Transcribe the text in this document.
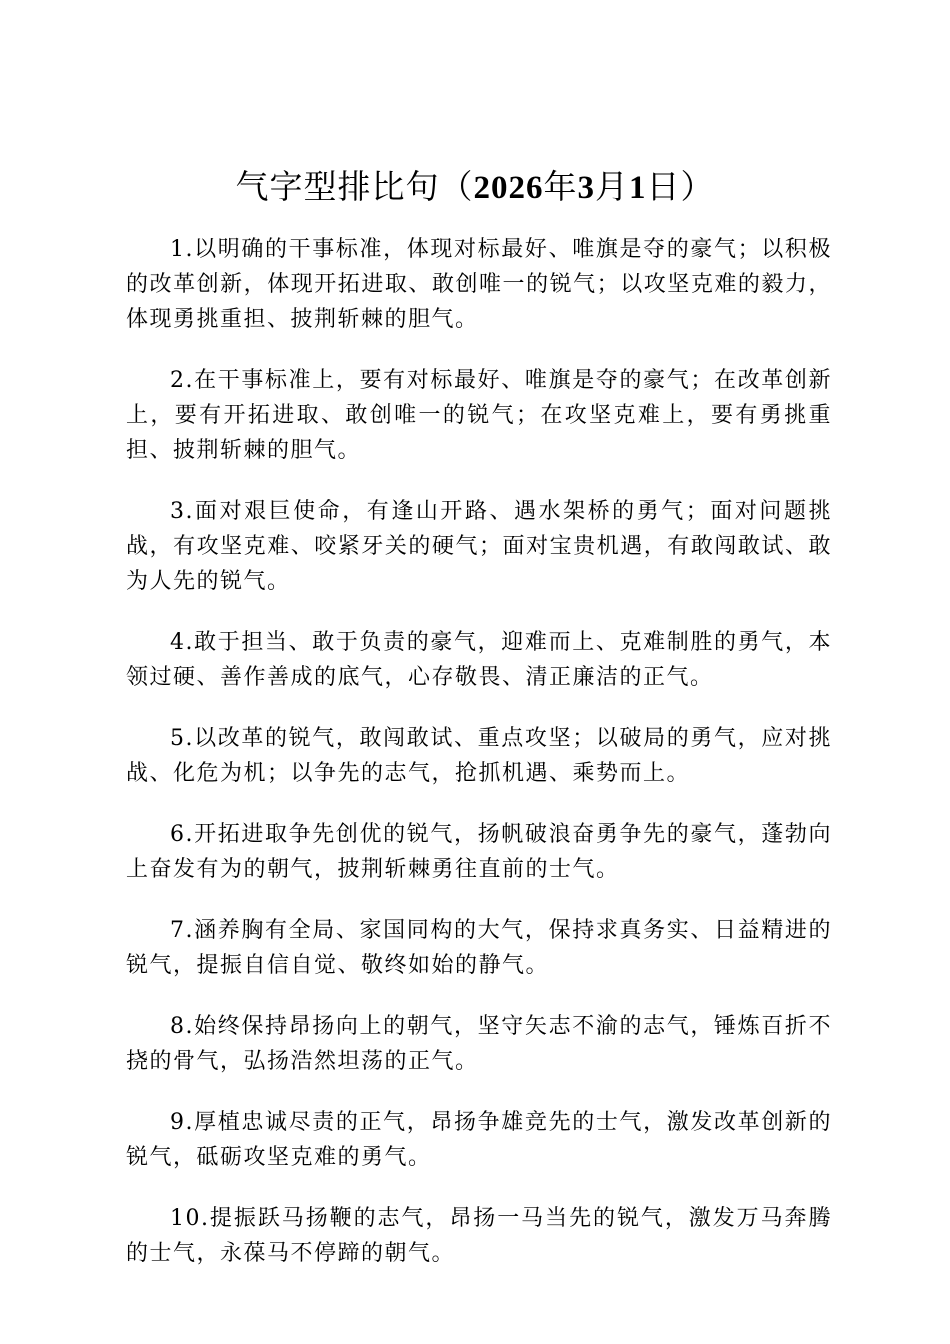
气字型排比句（2026年3月1日）

1.以明确的干事标准，体现对标最好、唯旗是夺的豪气；以积极的改革创新，体现开拓进取、敢创唯一的锐气；以攻坚克难的毅力，体现勇挑重担、披荆斩棘的胆气。

2.在干事标准上，要有对标最好、唯旗是夺的豪气；在改革创新上，要有开拓进取、敢创唯一的锐气；在攻坚克难上，要有勇挑重担、披荆斩棘的胆气。

3.面对艰巨使命，有逢山开路、遇水架桥的勇气；面对问题挑战，有攻坚克难、咬紧牙关的硬气；面对宝贵机遇，有敢闯敢试、敢为人先的锐气。

4.敢于担当、敢于负责的豪气，迎难而上、克难制胜的勇气，本领过硬、善作善成的底气，心存敬畏、清正廉洁的正气。

5.以改革的锐气，敢闯敢试、重点攻坚；以破局的勇气，应对挑战、化危为机；以争先的志气，抢抓机遇、乘势而上。

6.开拓进取争先创优的锐气，扬帆破浪奋勇争先的豪气，蓬勃向上奋发有为的朝气，披荆斩棘勇往直前的士气。

7.涵养胸有全局、家国同构的大气，保持求真务实、日益精进的锐气，提振自信自觉、敬终如始的静气。

8.始终保持昂扬向上的朝气，坚守矢志不渝的志气，锤炼百折不挠的骨气，弘扬浩然坦荡的正气。

9.厚植忠诚尽责的正气，昂扬争雄竞先的士气，激发改革创新的锐气，砥砺攻坚克难的勇气。

10.提振跃马扬鞭的志气，昂扬一马当先的锐气，激发万马奔腾的士气，永葆马不停蹄的朝气。
